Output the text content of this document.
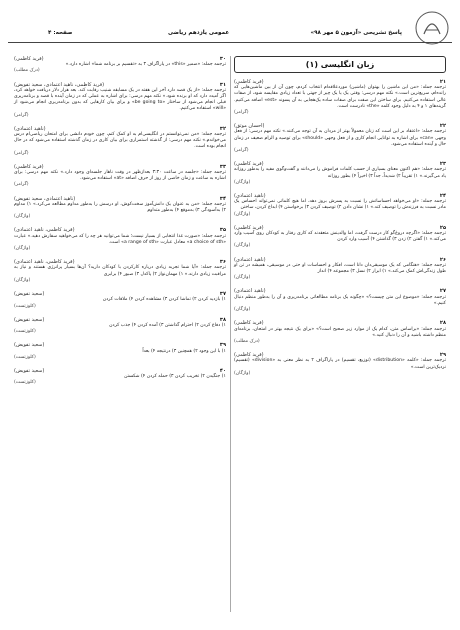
پاسخ تشریحی «آزمون ۵ مهر ۹۸»
عمومی یازدهم ریاضی
صفحه: ۴
زبان انگلیسی (۱)
(فرید کاظمی)	۲۱
ترجمه جمله: «من این ماشین را بهتوان (ماشین) موردعلاقه‌ام انتخاب کردم، چون آن از بین ماشین‌هایی که رانده‌ام، سریع‌ترین است.» نکته مهم درسی: وقتی یک یا یک چیز از جهتی با تعداد زیادی مقایسه شود، از صفات عالی استفاده می‌کنیم. برای ساختن این صفت برای صفات ساده یک‌هجایی به آن پسوند «est» اضافه می‌کنیم. گزینه‌های ۱ و ۴ به دلیل وجود کلمه «the» نادرست است.
(گرامر)
(احسان موثق)	۲۲
ترجمه جمله: «اعتقاد بر این است که زنان معمولاً بهتر از مردان به آن توجه می‌کنند.» نکته مهم درسی: از فعل وجهی «can» برای اشاره به توانایی انجام کاری و از فعل وجهی «should» برای توصیه و الزام ضعیف در زمان حال و آینده استفاده می‌شود.
(گرامر)
(فرید کاظمی)	۲۳
ترجمه جمله: «هم اکنون معنای بسیاری از حسب کلمات فراموش را می‌دانند و گفت‌وگوی مفید را به‌طور روزانه یاد می‌گیرند.» ۱) تقریباً ۲) شدیداً، جداً ۳) اخیراً ۴) بطور روزانه
(واژگان)
(ناهید اعتمادی)	۲۴
ترجمه جمله: «او می‌خواهد احساساتش را نسبت به پسرش بروز دهد، اما هیچ کلماتی نمی‌تواند احساس یک مادر نسبت به فرزندش را توصیف کند.» ۱) نشان دادن ۲) توصیف کردن ۳) برخواستن ۴) ابداع کردن، ساختن
(واژگان)
(فرید کاظمی)	۲۵
ترجمه جمله: «اگرچه دروغ‌گو کار درست گرفت، اما والدینش متعقدند که کاری رفتار به کودکان روی آسیب وارد می‌کند.» ۱) گفتن ۲) زدن ۳) گذاشتن ۴) آسیب وارد کردن
(واژگان)
(ناهید اعتمادی)	۲۶
ترجمه جمله: «هنگامی که یک موسیقی‌دان دانا است، افکار و احساسات او حتی در موسیقی، همیشه در تن او طول زندگی‌اش کمک می‌کند.» ۱) ابزار ۲) نسل ۳) مجموعه ۴) انداز
(واژگان)
(ناهید اعتمادی)	۲۷
ترجمه جمله: «موضوع این متن چیست؟» «چگونه یک برنامه مطالعاتی برنامه‌ریزی و آن را به‌طور منظم دنبال کنیم.»
(واژگان)
(فرید کاظمی)	۲۸
ترجمه جمله: «براساس متن، کدام یک از موارد زیر صحیح است؟» «برای یک نتیجه بهتر در امتحان، برنامه‌ای منظم داشته باشید و آن را دنبال کنید.»
(درک مطلب)
(فرید کاظمی)	۲۹
ترجمه جمله: «کلمه «distribution» (توزیع، تقسیم) در پاراگراف ۲ به نظر معنی به «division» (تقسیم) نزدیک‌ترین است.»
(واژگان)
(فرید کاظمی)	۳۰
ترجمه جمله: «ضمیر «this» در پاراگراف ۳ به «تقسیم بر برنامه شما» اشاره دارد.»
(درک مطلب)
(فرید کاظمی، ناهید اعتمادی، سعید تفویض)	۳۱
ترجمه جمله: «از یک قصد دارد آخر این هفته در یک مسابقه شنیب رقابت کند. بعد هزار دلار دریافت خواهد کرد، اگر آمیدد دارد که او برنده شود.» نکته مهم درسی: برای اشاره به عملی که در زمان آینده با قصد و برنامه‌ریزی قبلی انجام می‌شود از ساختار «be going to» و برای بیان کارهایی که بدون برنامه‌ریزی انجام می‌شود از «will» استفاده می‌کنیم.
(گرامر)
(ناهید اعتمادی)	۳۲
ترجمه جمله: «من نمی‌توانستم در انگلیسی‌ام به او کمک کنم، چون خودم دانشی برای امتحان ریاضی‌ام درس می‌خواندم.» نکته مهم درسی: از گذشته استمراری برای بیان کاری در زمان گذشته استفاده می‌شود که در حال انجام بوده است.
(گرامر)
(فرید کاظمی)	۳۳
ترجمه جمله: «جلسه در ساعت ۳:۳۰ بعدازظهر در وقت ناهار جلسه‌ای وجود دارد.» نکته مهم درسی: برای اشاره به ساعت و زمان خاصی از روز از حرف اضافه «at» استفاده می‌شود.
(گرامر)
(ناهید اعتمادی، سعید تفویض)	۳۴
ترجمه جمله: «من به عنوان یک دانش‌آموز سخت‌کوش، او درسش را به‌طور مداوم مطالعه می‌کرد.» ۱) مداوم ۲) به‌آسودگی ۳) به‌موقع ۴) به‌طور متداوم
(واژگان)
(فرید کاظمی، ناهید اعتمادی)	۳۵
ترجمه جمله: «صورت غذا انتخابی از بسیار نیست؛ شما می‌توانید هر چه را که می‌خواهید سفارش دهید.» عبارت «a choice of sth» معادل عبارت «a range of sth» است.
(واژگان)
(فرید کاظمی، ناهید اعتمادی)	۳۶
ترجمه جمله: «آیا شما تجربه زیادی درباره کارکردن با کودکان دارید؟ آن‌ها بسیار پرانرژی هستند و نیاز به مراقبت زیادی دارند.» ۱) مهمان‌نواز ۲) پاکدل ۳) صبور ۴) برابری
(واژگان)
(سعید تفویض)	۳۷
۱) بازدید کردن ۲) تماشا کردن ۳) مشاهده کردن ۴) ملاقات کردن
(کلوزتست)
(سعید تفویض)	۳۸
۱) دفاع کردن ۲) احترام گذاشتن ۳) آمده کردن ۴) جذب کردن
(کلوزتست)
(سعید تفویض)	۳۹
۱) با این وجود ۲) همچنین ۳) درنتیجه ۴) بعداً
(کلوزتست)
(سعید تفویض)	۴۰
۱) جنگیدن ۲) تخریب کردن ۳) حمله کردن ۴) شکستن
(کلوزتست)
